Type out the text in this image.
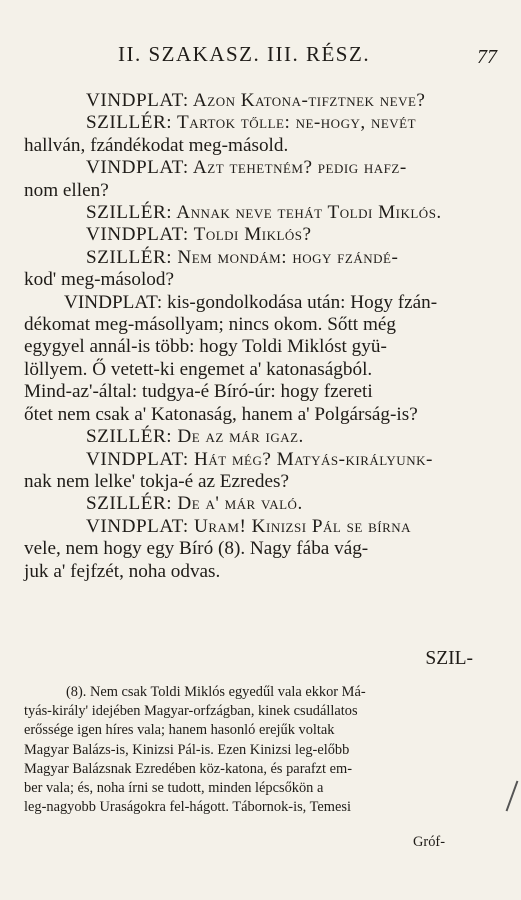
II. SZAKASZ. III. RÉSZ.	77
VINDPLAT: Azon Katona-tifztnek neve?
SZILLÉR: Tartok tőlle: ne-hogy, nevét
hallván, fzándékodat meg-másold.
VINDPLAT: Azt tehetném? pedig hafz-
nom ellen?
SZILLÉR: Annak neve tehát Toldi Miklós.
VINDPLAT: Toldi Miklós?
SZILLÉR: Nem mondám: hogy fzándé-
kod' meg-másolod?
VINDPLAT: kis-gondolkodása után: Hogy fzán-
dékomat meg-másollyam; nincs okom. Sőtt még
egygyel annál-is több: hogy Toldi Miklóst gyü-
löllyem. Ő vetett-ki engemet a' katonaságból.
Mind-az'-által: tudgya-é Bíró-úr: hogy fzereti
őtet nem csak a' Katonaság, hanem a' Polgárság-is?
SZILLÉR: De az már igaz.
VINDPLAT: Hát még? Matyás-királyunk-
nak nem lelke' tokja-é az Ezredes?
SZILLÉR: De a' már való.
VINDPLAT: Uram! Kinizsi Pál se bírna
vele, nem hogy egy Bíró (8). Nagy fába vág-
juk a' fejfzét, noha odvas.
SZIL-
(8). Nem csak Toldi Miklós egyedűl vala ekkor Má-
tyás-király' idejében Magyar-orfzágban, kinek csudállatos
erőssége igen híres vala; hanem hasonló erejűk voltak
Magyar Balázs-is, Kinizsi Pál-is. Ezen Kinizsi leg-előbb
Magyar Balázsnak Ezredében köz-katona, és parafzt em-
ber vala; és, noha írni se tudott, minden lépcsőkön a
leg-nagyobb Uraságokra fel-hágott. Tábornok-is, Temesi
Gróf-
